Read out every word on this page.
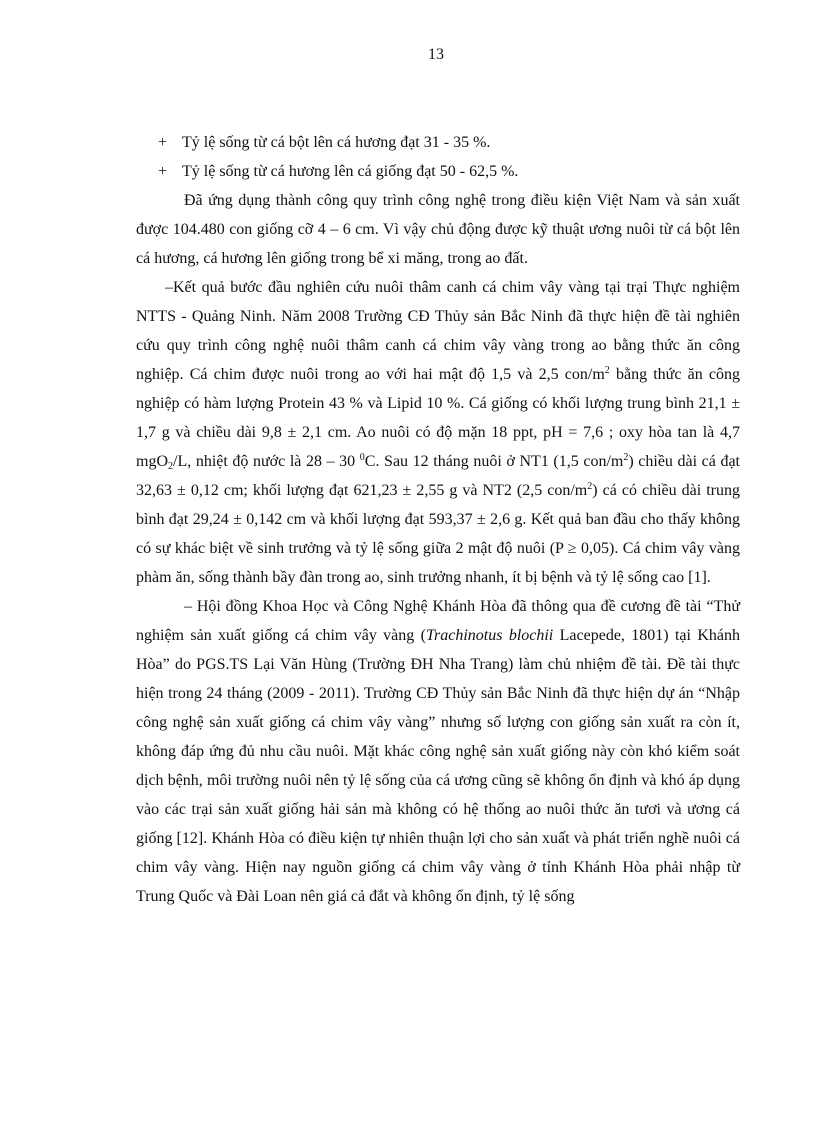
13
+ Tỷ lệ sống từ cá bột lên cá hương đạt 31 - 35 %.
+ Tỷ lệ sống từ cá hương lên cá giống đạt 50 - 62,5 %.

Đã ứng dụng thành công quy trình công nghệ trong điều kiện Việt Nam và sản xuất được 104.480 con giống cỡ 4 – 6 cm. Vì vậy chủ động được kỹ thuật ương nuôi từ cá bột lên cá hương, cá hương lên giống trong bể xi măng, trong ao đất.

–Kết quả bước đầu nghiên cứu nuôi thâm canh cá chim vây vàng tại trại Thực nghiệm NTTS - Quảng Ninh. Năm 2008 Trường CĐ Thủy sản Bắc Ninh đã thực hiện đề tài nghiên cứu quy trình công nghệ nuôi thâm canh cá chim vây vàng trong ao bằng thức ăn công nghiệp. Cá chim được nuôi trong ao với hai mật độ 1,5 và 2,5 con/$m^2$ bằng thức ăn công nghiệp có hàm lượng Protein 43 % và Lipid 10 %. Cá giống có khối lượng trung bình 21,1 ± 1,7 g và chiều dài 9,8 ± 2,1 cm. Ao nuôi có độ mặn 18 ppt, pH = 7,6 ; oxy hòa tan là 4,7 mgO$_2$/L, nhiệt độ nước là 28 – 30 $^0$C. Sau 12 tháng nuôi ở NT1 (1,5 con/$m^2$) chiều dài cá đạt 32,63 ± 0,12 cm; khối lượng đạt 621,23 ± 2,55 g và NT2 (2,5 con/$m^2$) cá có chiều dài trung bình đạt 29,24 ± 0,142 cm và khối lượng đạt 593,37 ± 2,6 g. Kết quả ban đầu cho thấy không có sự khác biệt về sinh trưởng và tỷ lệ sống giữa 2 mật độ nuôi (P ≥ 0,05). Cá chim vây vàng phàm ăn, sống thành bầy đàn trong ao, sinh trưởng nhanh, ít bị bệnh và tỷ lệ sống cao [1].

– Hội đồng Khoa Học và Công Nghệ Khánh Hòa đã thông qua đề cương đề tài “Thử nghiệm sản xuất giống cá chim vây vàng (Trachinotus blochii Lacepede, 1801) tại Khánh Hòa” do PGS.TS Lại Văn Hùng (Trường ĐH Nha Trang) làm chủ nhiệm đề tài. Đề tài thực hiện trong 24 tháng (2009 - 2011). Trường CĐ Thủy sản Bắc Ninh đã thực hiện dự án “Nhập công nghệ sản xuất giống cá chim vây vàng” nhưng số lượng con giống sản xuất ra còn ít, không đáp ứng đủ nhu cầu nuôi. Mặt khác công nghệ sản xuất giống này còn khó kiểm soát dịch bệnh, môi trường nuôi nên tỷ lệ sống của cá ương cũng sẽ không ổn định và khó áp dụng vào các trại sản xuất giống hải sản mà không có hệ thống ao nuôi thức ăn tươi và ương cá giống [12]. Khánh Hòa có điều kiện tự nhiên thuận lợi cho sản xuất và phát triển nghề nuôi cá chim vây vàng. Hiện nay nguồn giống cá chim vây vàng ở tỉnh Khánh Hòa phải nhập từ Trung Quốc và Đài Loan nên giá cả đắt và không ổn định, tỷ lệ sống
